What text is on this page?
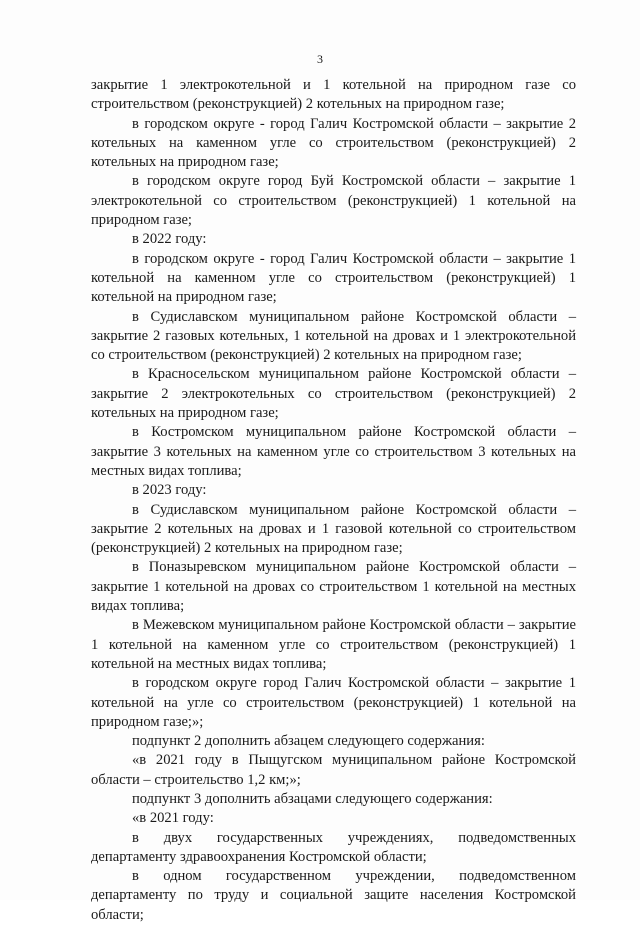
3

закрытие 1 электрокотельной и 1 котельной на природном газе со строительством (реконструкцией) 2 котельных на природном газе;

в городском округе - город Галич Костромской области – закрытие 2 котельных на каменном угле со строительством (реконструкцией) 2 котельных на природном газе;

в городском округе город Буй Костромской области – закрытие 1 электрокотельной со строительством (реконструкцией) 1 котельной на природном газе;

в 2022 году:

в городском округе - город Галич Костромской области – закрытие 1 котельной на каменном угле со строительством (реконструкцией) 1 котельной на природном газе;

в Судиславском муниципальном районе Костромской области – закрытие 2 газовых котельных, 1 котельной на дровах и 1 электрокотельной со строительством (реконструкцией) 2 котельных на природном газе;

в Красносельском муниципальном районе Костромской области – закрытие 2 электрокотельных со строительством (реконструкцией) 2 котельных на природном газе;

в Костромском муниципальном районе Костромской области – закрытие 3 котельных на каменном угле со строительством 3 котельных на местных видах топлива;

в 2023 году:

в Судиславском муниципальном районе Костромской области – закрытие 2 котельных на дровах и 1 газовой котельной со строительством (реконструкцией) 2 котельных на природном газе;

в Поназыревском муниципальном районе Костромской области – закрытие 1 котельной на дровах со строительством 1 котельной на местных видах топлива;

в Межевском муниципальном районе Костромской области – закрытие 1 котельной на каменном угле со строительством (реконструкцией) 1 котельной на местных видах топлива;

в городском округе город Галич Костромской области – закрытие 1 котельной на угле со строительством (реконструкцией) 1 котельной на природном газе;»;

подпункт 2 дополнить абзацем следующего содержания:

«в 2021 году в Пыщугском муниципальном районе Костромской области – строительство 1,2 км;»;

подпункт 3 дополнить абзацами следующего содержания:

«в 2021 году:

в двух государственных учреждениях, подведомственных департаменту здравоохранения Костромской области;

в одном государственном учреждении, подведомственном департаменту по труду и социальной защите населения Костромской области;
